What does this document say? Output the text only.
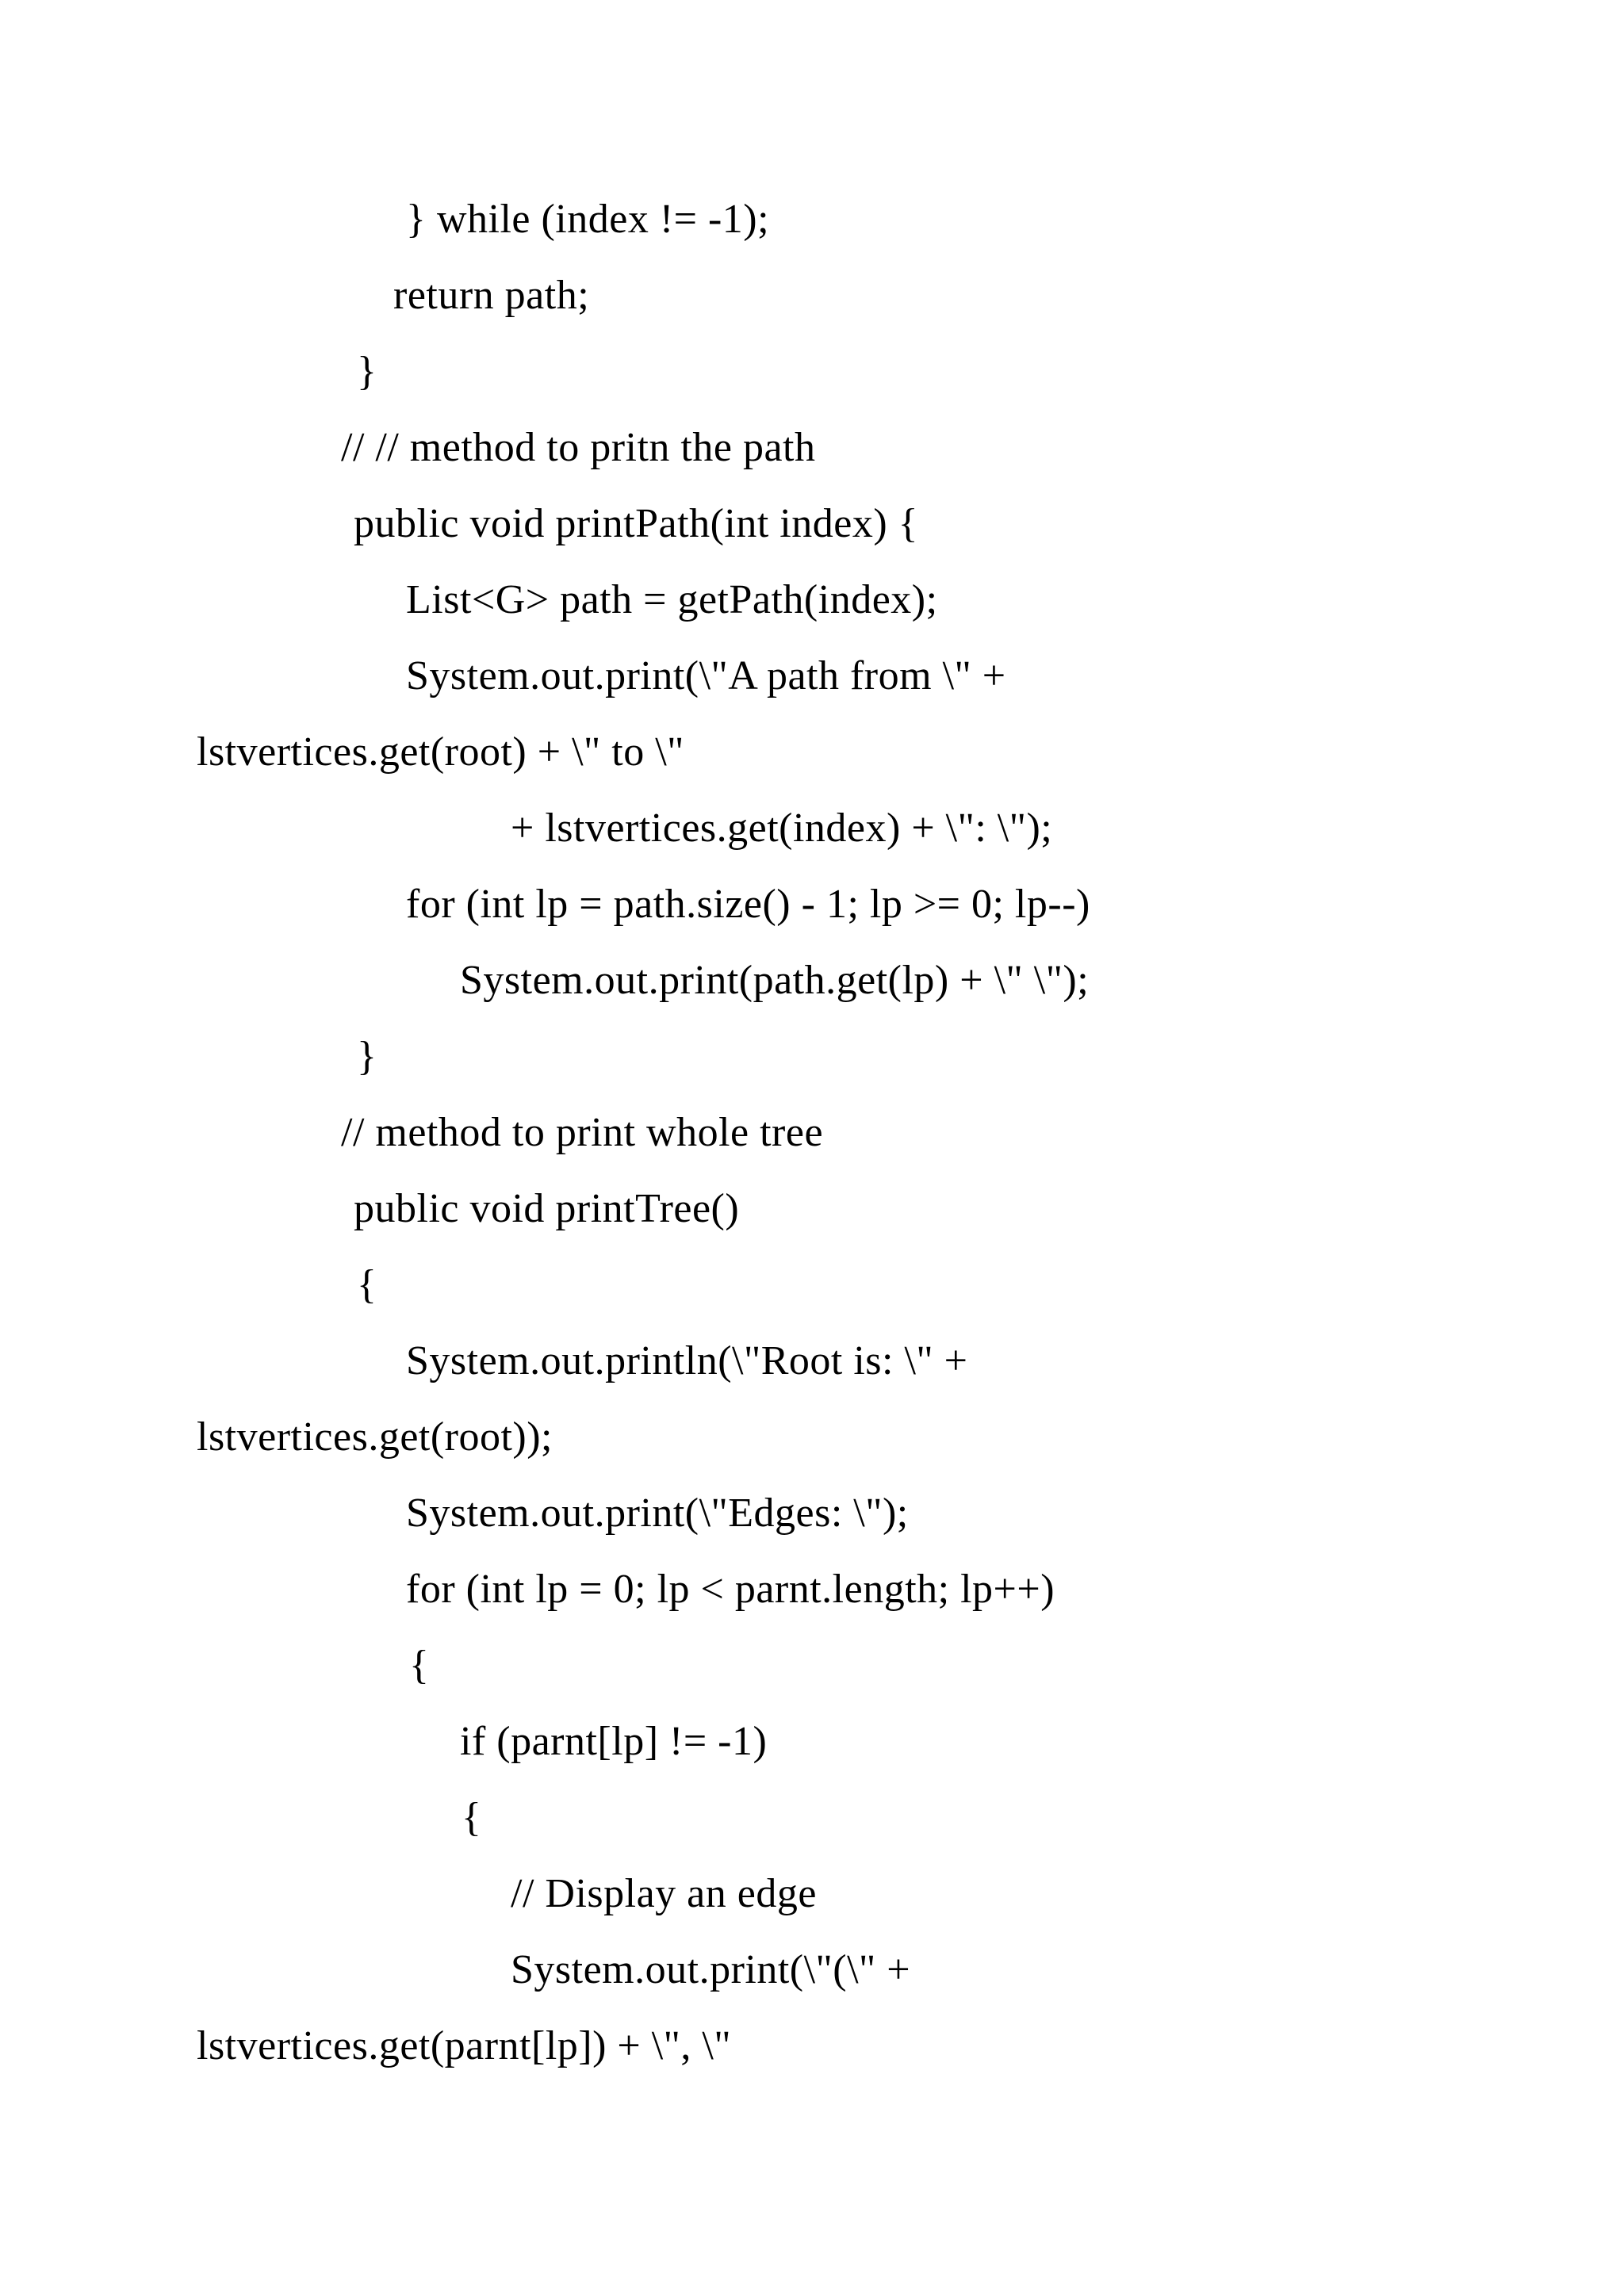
} while (index != -1);
return path;
}
// // method to pritn the path
public void printPath(int index) {
List<G> path = getPath(index);
System.out.print(\"A path from \" +
lstvertices.get(root) + \" to \"
+ lstvertices.get(index) + \": \");
for (int lp = path.size() - 1; lp >= 0; lp--)
System.out.print(path.get(lp) + \" \");
}
// method to print whole tree
public void printTree()
{
System.out.println(\"Root is: \" +
lstvertices.get(root));
System.out.print(\"Edges: \");
for (int lp = 0; lp < parnt.length; lp++)
{
if (parnt[lp] != -1)
{
// Display an edge
System.out.print(\"(\" +
lstvertices.get(parnt[lp]) + \", \"
